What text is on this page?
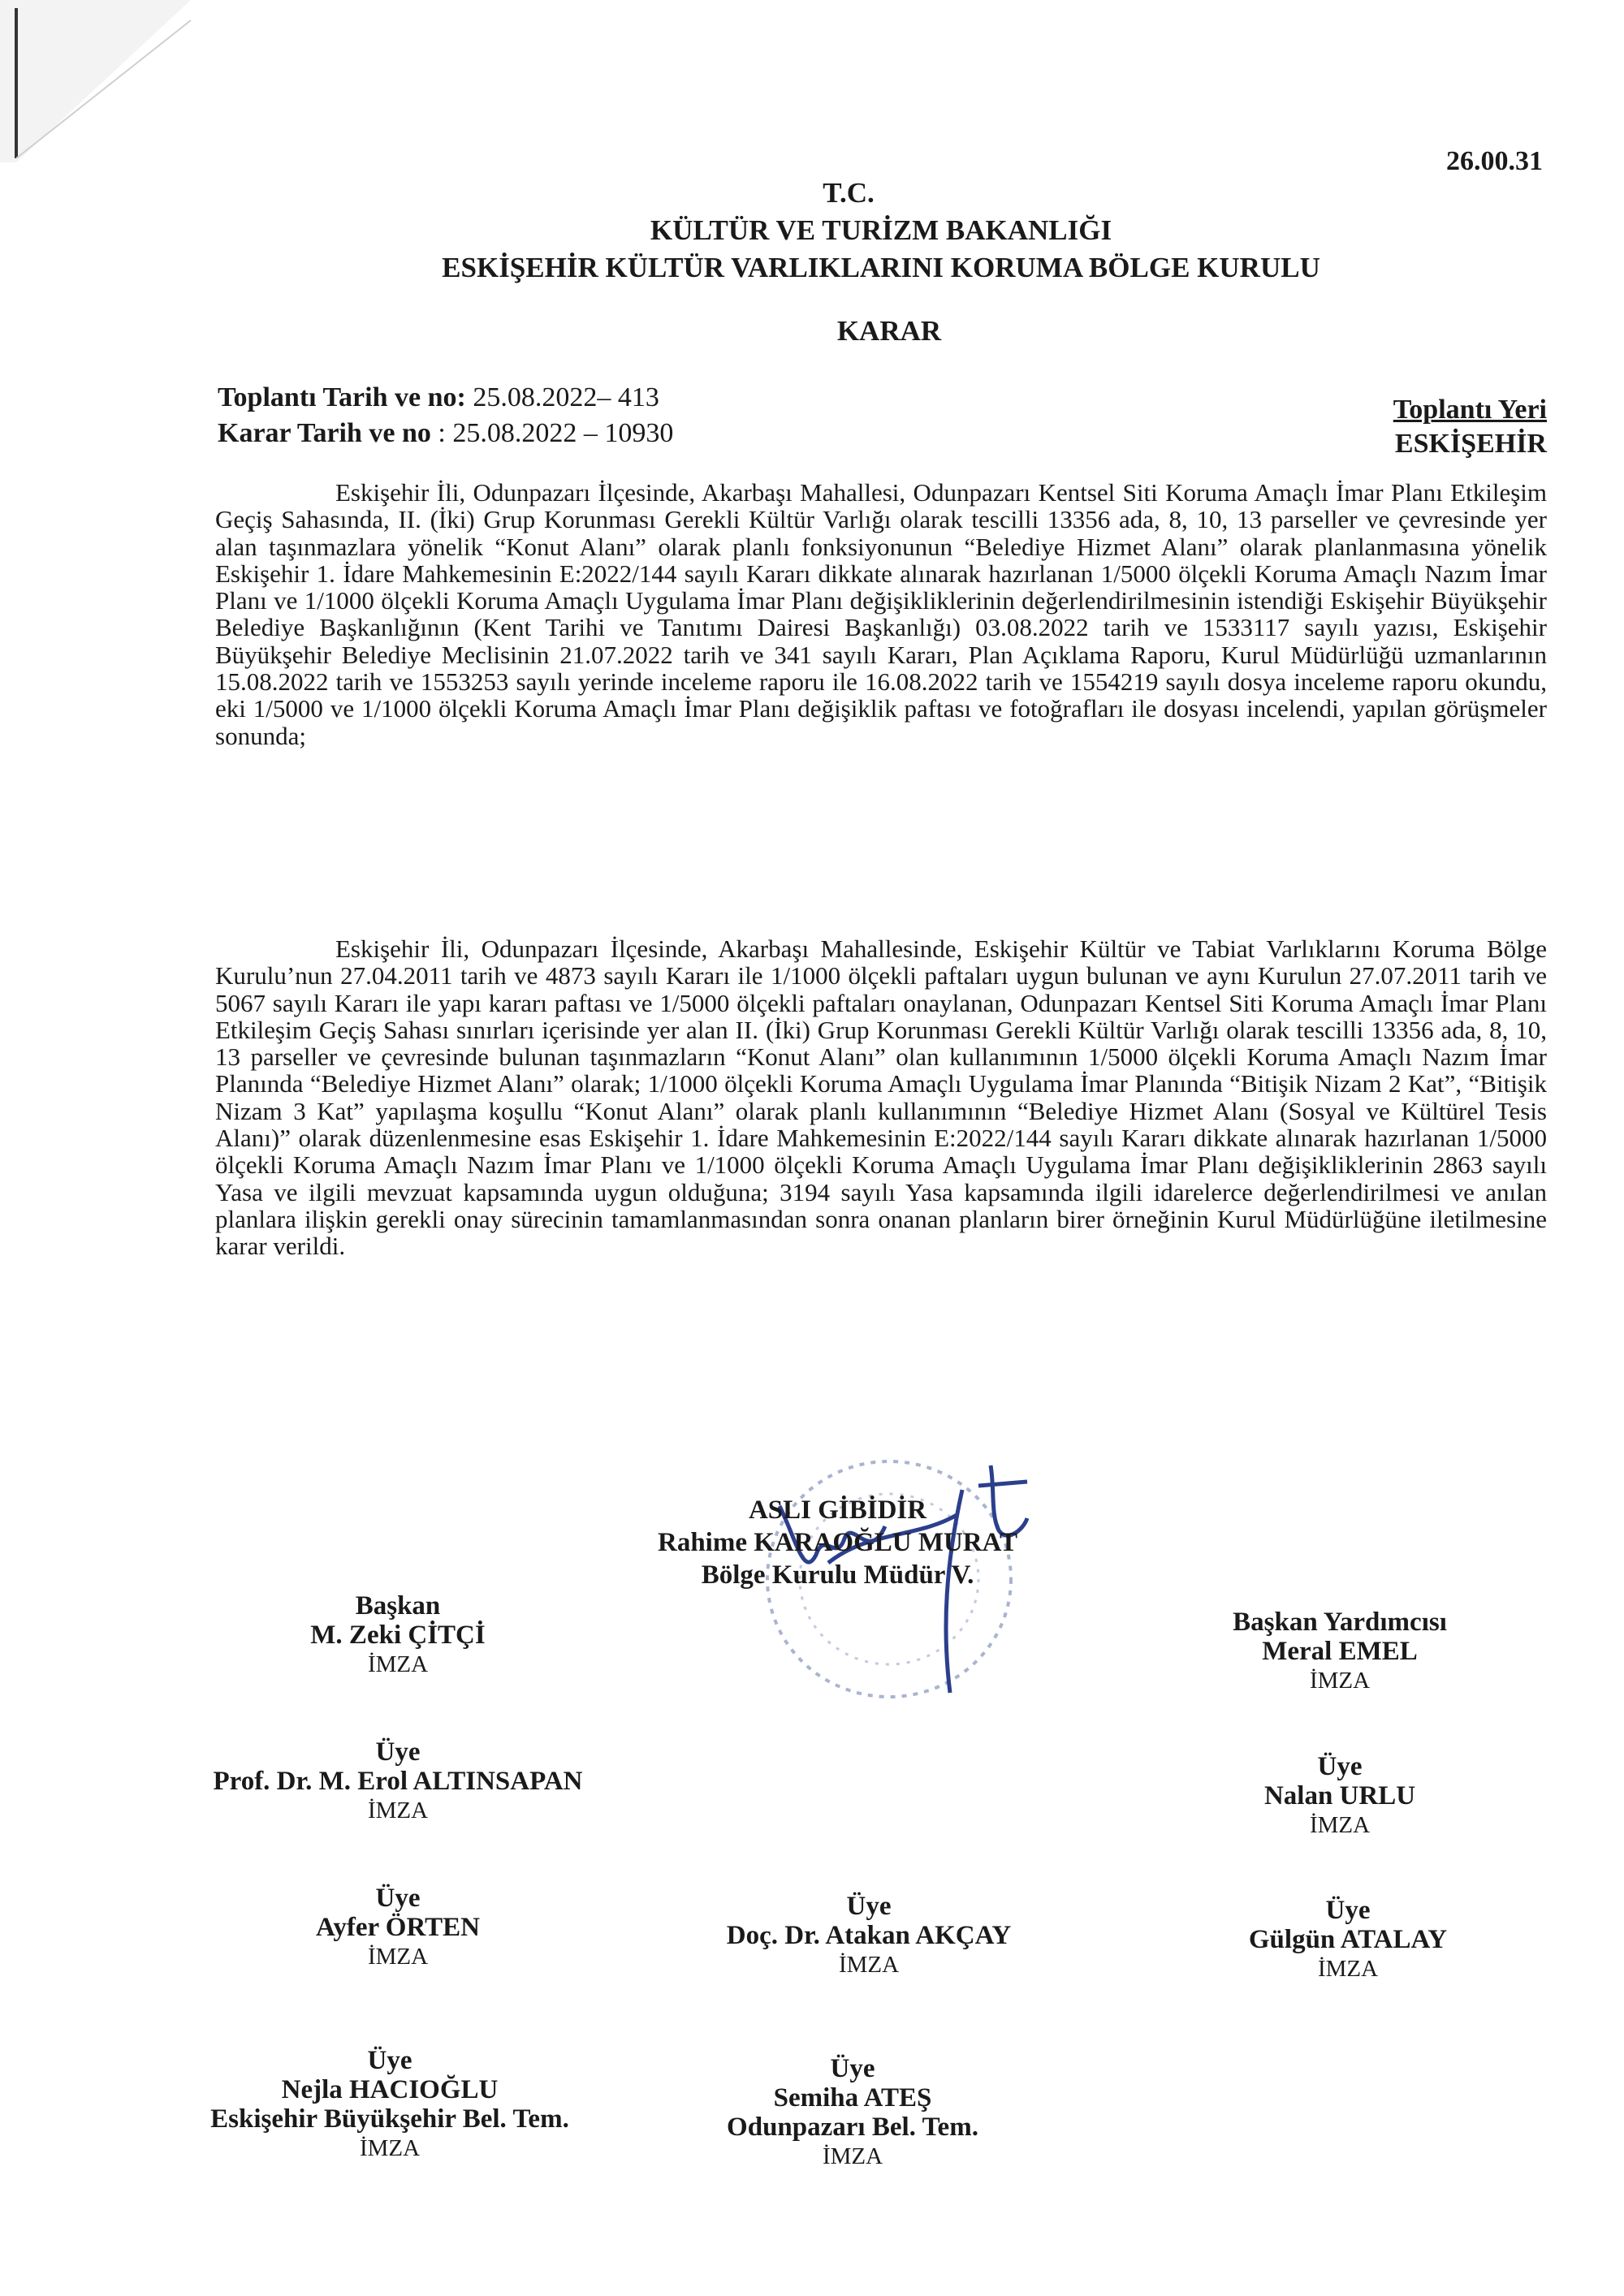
26.00.31
T.C.
KÜLTÜR VE TURİZM BAKANLIĞI
ESKİŞEHİR KÜLTÜR VARLIKLARINI KORUMA BÖLGE KURULU
KARAR
Toplantı Tarih ve no: 25.08.2022– 413
Karar Tarih ve no : 25.08.2022 – 10930
Toplantı Yeri
ESKİŞEHİR
Eskişehir İli, Odunpazarı İlçesinde, Akarbaşı Mahallesi, Odunpazarı Kentsel Siti Koruma Amaçlı İmar Planı Etkileşim Geçiş Sahasında, II. (İki) Grup Korunması Gerekli Kültür Varlığı olarak tescilli 13356 ada, 8, 10, 13 parseller ve çevresinde yer alan taşınmazlara yönelik “Konut Alanı” olarak planlı fonksiyonunun “Belediye Hizmet Alanı” olarak planlanmasına yönelik Eskişehir 1. İdare Mahkemesinin E:2022/144 sayılı Kararı dikkate alınarak hazırlanan 1/5000 ölçekli Koruma Amaçlı Nazım İmar Planı ve 1/1000 ölçekli Koruma Amaçlı Uygulama İmar Planı değişikliklerinin değerlendirilmesinin istendiği Eskişehir Büyükşehir Belediye Başkanlığının (Kent Tarihi ve Tanıtımı Dairesi Başkanlığı) 03.08.2022 tarih ve 1533117 sayılı yazısı, Eskişehir Büyükşehir Belediye Meclisinin 21.07.2022 tarih ve 341 sayılı Kararı, Plan Açıklama Raporu, Kurul Müdürlüğü uzmanlarının 15.08.2022 tarih ve 1553253 sayılı yerinde inceleme raporu ile 16.08.2022 tarih ve 1554219 sayılı dosya inceleme raporu okundu, eki 1/5000 ve 1/1000 ölçekli Koruma Amaçlı İmar Planı değişiklik paftası ve fotoğrafları ile dosyası incelendi, yapılan görüşmeler sonunda;
Eskişehir İli, Odunpazarı İlçesinde, Akarbaşı Mahallesinde, Eskişehir Kültür ve Tabiat Varlıklarını Koruma Bölge Kurulu’nun 27.04.2011 tarih ve 4873 sayılı Kararı ile 1/1000 ölçekli paftaları uygun bulunan ve aynı Kurulun 27.07.2011 tarih ve 5067 sayılı Kararı ile yapı kararı paftası ve 1/5000 ölçekli paftaları onaylanan, Odunpazarı Kentsel Siti Koruma Amaçlı İmar Planı Etkileşim Geçiş Sahası sınırları içerisinde yer alan II. (İki) Grup Korunması Gerekli Kültür Varlığı olarak tescilli 13356 ada, 8, 10, 13 parseller ve çevresinde bulunan taşınmazların “Konut Alanı” olan kullanımının 1/5000 ölçekli Koruma Amaçlı Nazım İmar Planında “Belediye Hizmet Alanı” olarak; 1/1000 ölçekli Koruma Amaçlı Uygulama İmar Planında “Bitişik Nizam 2 Kat”, “Bitişik Nizam 3 Kat” yapılaşma koşullu “Konut Alanı” olarak planlı kullanımının “Belediye Hizmet Alanı (Sosyal ve Kültürel Tesis Alanı)” olarak düzenlenmesine esas Eskişehir 1. İdare Mahkemesinin E:2022/144 sayılı Kararı dikkate alınarak hazırlanan 1/5000 ölçekli Koruma Amaçlı Nazım İmar Planı ve 1/1000 ölçekli Koruma Amaçlı Uygulama İmar Planı değişikliklerinin 2863 sayılı Yasa ve ilgili mevzuat kapsamında uygun olduğuna; 3194 sayılı Yasa kapsamında ilgili idarelerce değerlendirilmesi ve anılan planlara ilişkin gerekli onay sürecinin tamamlanmasından sonra onanan planların birer örneğinin Kurul Müdürlüğüne iletilmesine karar verildi.
ASLI GİBİDİR
Rahime KARAOĞLU MURAT
Bölge Kurulu Müdür V.
Başkan
M. Zeki ÇİTÇİ
İMZA
Başkan Yardımcısı
Meral EMEL
İMZA
Üye
Prof. Dr. M. Erol ALTINSAPAN
İMZA
Üye
Nalan URLU
İMZA
Üye
Ayfer ÖRTEN
İMZA
Üye
Doç. Dr. Atakan AKÇAY
İMZA
Üye
Gülgün ATALAY
İMZA
Üye
Nejla HACIOĞLU
Eskişehir Büyükşehir Bel. Tem.
İMZA
Üye
Semiha ATEŞ
Odunpazarı Bel. Tem.
İMZA
